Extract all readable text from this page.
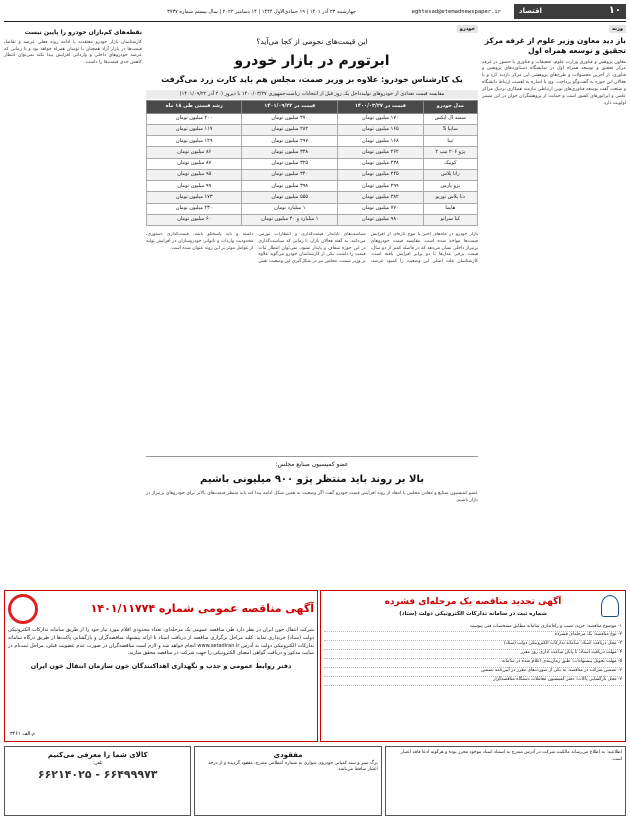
۱۰
اقتصاد
eghtesad@etemadnewspaper.ir
چهارشنبه ۲۳ آذر ۱۴۰۱ | ۱۹ جمادی‌الاول ۱۴۴۴ | ۱۴ دسامبر ۲۰۲۲ | سال بیستم شماره ۳۷۳۷
وزنه
باز دید معاون وزیر علوم از غرفه مرکز تحقیق و توسعه همراه اول
معاون پژوهش و فناوری وزارت علوم، تحقیقات و فناوری با حضور در غرفه مرکز تحقیق و توسعه همراه اول در نمایشگاه دستاوردهای پژوهش و فناوری، از آخرین محصولات و طرح‌های پژوهشی این مرکز بازدید کرد و با فعالان این حوزه به گفت‌وگو پرداخت. وی با اشاره به اهمیت ارتباط دانشگاه و صنعت گفت توسعه فناوری‌های نوین ارتباطی نیازمند همکاری نزدیک مراکز علمی و اپراتورهای کشور است و حمایت از پژوهشگران جوان در این مسیر اولویت دارد.
نقطه‌های کم‌باران خودرو را پایین نیست
کارشناسان بازار خودرو معتقدند با ادامه روند فعلی عرضه و تقاضا، قیمت‌ها در بازار آزاد همچنان با نوسان همراه خواهد بود و تا زمانی که عرضه خودروهای داخلی و وارداتی افزایش پیدا نکند نمی‌توان انتظار کاهش جدی قیمت‌ها را داشت.
خودرو
این قیمت‌های نجومی از کجا می‌آید؟
ابرتورم در بازار خودرو
یک کارشناس خودرو: علاوه بر وزیر صمت، مجلس هم باید کارت زرد می‌گرفت
مقایسه قیمت تعدادی از خودروهای تولیدداخل یک روز قبل از انتخابات ریاست‌جمهوری ۱۴۰۰/۰۳/۲۷ با دیروز (۲۰ آذر ۱۴۰۱/۰۹/۲۲)
مدل خودرو	قیمت در ۱۴۰۰/۰۳/۲۷	قیمت در ۱۴۰۱/۰۹/۲۲	رشد قیمتی طی ۱۸ ماه
سمند ال ایکس	۱۷۰ میلیون تومان	۳۷۰ میلیون تومان	۲۰۰ میلیون تومان
ساینا S	۱۶۵ میلیون تومان	۲۸۲ میلیون تومان	۱۱۷ میلیون تومان
تیبا	۱۶۸ میلیون تومان	۲۹۷ میلیون تومان	۱۲۹ میلیون تومان
پژو ۲۰۶ تیپ ۲	۲۶۲ میلیون تومان	۳۴۸ میلیون تومان	۸۶ میلیون تومان
کوییک	۲۳۸ میلیون تومان	۳۲۵ میلیون تومان	۸۷ میلیون تومان
رانا پلاس	۲۴۵ میلیون تومان	۳۴۰ میلیون تومان	۹۵ میلیون تومان
پژو پارس	۲۹۹ میلیون تومان	۳۹۸ میلیون تومان	۹۹ میلیون تومان
دنا پلاس توربو	۳۸۲ میلیون تومان	۵۵۵ میلیون تومان	۱۷۳ میلیون تومان
هایما	۷۷۰ میلیون تومان	۱ میلیارد تومان	۲۳۰ میلیون تومان
کیا سراتو	۹۸۰ میلیون تومان	۱ میلیارد و ۴۰ میلیون تومان	۶۰ میلیون تومان
بازار خودرو در ماه‌های اخیر با موج تازه‌ای از افزایش قیمت‌ها مواجه شده است. مقایسه قیمت خودروهای پرتیراژ داخلی نشان می‌دهد که در فاصله کمتر از دو سال، قیمت برخی مدل‌ها تا دو برابر افزایش یافته است. کارشناسان علت اصلی این وضعیت را کمبود عرضه، سیاست‌های ناپایدار قیمت‌گذاری و انتظارات تورمی می‌دانند. به گفته فعالان بازار، تا زمانی که سیاست‌گذاری در این حوزه شفاف و پایدار نشود، نمی‌توان انتظار ثبات قیمت را داشت. یکی از کارشناسان خودرو می‌گوید علاوه بر وزیر صمت، مجلس نیز در شکل‌گیری این وضعیت نقش داشته و باید پاسخگو باشد. قیمت‌گذاری دستوری، محدودیت واردات و ناتوانی خودروسازان در افزایش تولید از عوامل موثر بر این روند عنوان شده است.
عضو کمیسیون صنایع مجلس:
بالا بر روند باید منتظر پژو ۹۰۰ میلیونی باشیم
عضو کمیسیون صنایع و معادن مجلس با انتقاد از روند افزایش قیمت خودرو گفت اگر وضعیت به همین شکل ادامه پیدا کند باید منتظر قیمت‌های بالاتر برای خودروهای پرتیراژ در بازار باشیم.
آگهی تجدید مناقصه یک مرحله‌ای فشرده
شماره ثبت در سامانه تدارکات الکترونیکی دولت (ستاد)
۱- موضوع مناقصه: خرید، نصب و راه‌اندازی سامانه مطابق مشخصات فنی پیوست
۲- نوع مناقصه: یک مرحله‌ای فشرده
۳- محل دریافت اسناد: سامانه تدارکات الکترونیکی دولت (ستاد)
۴- مهلت دریافت اسناد: تا پایان ساعت اداری روز مقرر
۵- مهلت تحویل پیشنهادات: طبق زمان‌بندی اعلام شده در سامانه
۶- تضمین شرکت در مناقصه: به یکی از صورت‌های مقرر در آیین‌نامه تضمین
۷- محل بازگشایی پاکات: دفتر کمیسیون معاملات دستگاه مناقصه‌گزار
آگهی مناقصه عمومی شماره ۱۴۰۱/۱۱۷۷۴
شرکت انتقال خون ایران در نظر دارد طی مناقصه عمومی یک مرحله‌ای، تعداد محدودی اقلام مورد نیاز خود را از طریق سامانه تدارکات الکترونیکی دولت (ستاد) خریداری نماید. کلیه مراحل برگزاری مناقصه از دریافت اسناد تا ارائه پیشنهاد مناقصه‌گران و بازگشایی پاکت‌ها از طریق درگاه سامانه تدارکات الکترونیکی دولت به آدرس www.setadiran.ir انجام خواهد شد و لازم است مناقصه‌گران در صورت عدم عضویت قبلی، مراحل ثبت‌نام در سایت مذکور و دریافت گواهی امضای الکترونیکی را جهت شرکت در مناقصه محقق سازند.
دفتر روابط عمومی و جذب و نگهداری اهداکنندگان خون سازمان انتقال خون ایران
م.الف ۳۴۶۱
اطلاعیه: به اطلاع می‌رساند مالکیت شرکت در آدرس مندرج به استناد اسناد موجود محرز بوده و هرگونه ادعا فاقد اعتبار است.
مفقودی
برگ سبز و سند کمپانی خودروی سواری به شماره انتظامی مندرج، مفقود گردیده و از درجه اعتبار ساقط می‌باشد.
کالای شما را معرفی می‌کنیم
تلفن:
۶۶۲۱۴۰۲۵ - ۶۶۴۹۹۹۷۳
